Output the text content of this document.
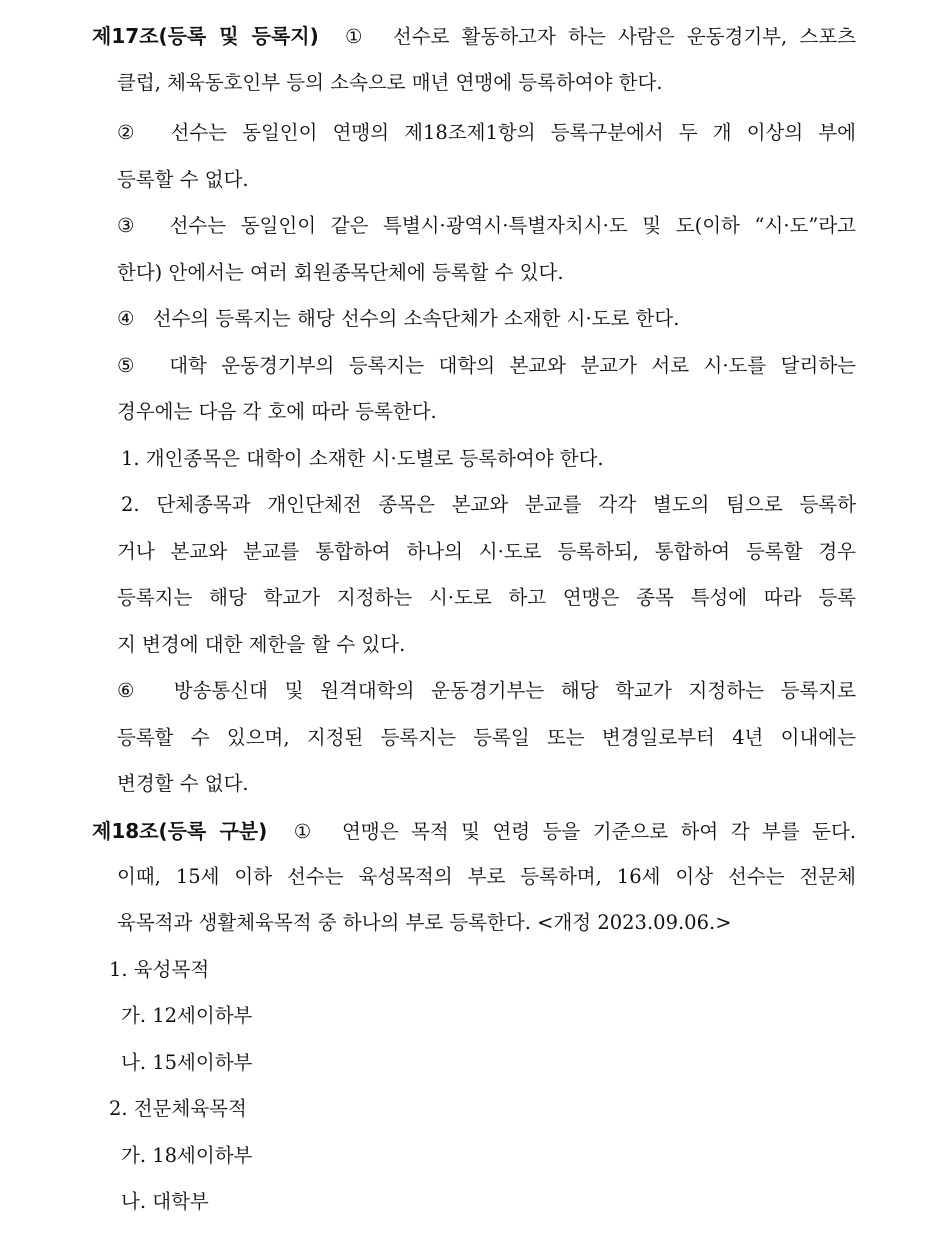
제17조(등록 및 등록지) ① 선수로 활동하고자 하는 사람은 운동경기부, 스포츠
클럽, 체육동호인부 등의 소속으로 매년 연맹에 등록하여야 한다.
② 선수는 동일인이 연맹의 제18조제1항의 등록구분에서 두 개 이상의 부에
등록할 수 없다.
③ 선수는 동일인이 같은 특별시·광역시·특별자치시·도 및 도(이하 “시·도”라고
한다) 안에서는 여러 회원종목단체에 등록할 수 있다.
④ 선수의 등록지는 해당 선수의 소속단체가 소재한 시·도로 한다.
⑤ 대학 운동경기부의 등록지는 대학의 본교와 분교가 서로 시·도를 달리하는
경우에는 다음 각 호에 따라 등록한다.
1. 개인종목은 대학이 소재한 시·도별로 등록하여야 한다.
2. 단체종목과 개인단체전 종목은 본교와 분교를 각각 별도의 팀으로 등록하
거나 본교와 분교를 통합하여 하나의 시·도로 등록하되, 통합하여 등록할 경우
등록지는 해당 학교가 지정하는 시·도로 하고 연맹은 종목 특성에 따라 등록
지 변경에 대한 제한을 할 수 있다.
⑥ 방송통신대 및 원격대학의 운동경기부는 해당 학교가 지정하는 등록지로
등록할 수 있으며, 지정된 등록지는 등록일 또는 변경일로부터 4년 이내에는
변경할 수 없다.
제18조(등록 구분) ① 연맹은 목적 및 연령 등을 기준으로 하여 각 부를 둔다.
이때, 15세 이하 선수는 육성목적의 부로 등록하며, 16세 이상 선수는 전문체
육목적과 생활체육목적 중 하나의 부로 등록한다. <개정 2023.09.06.>
1. 육성목적
가. 12세이하부
나. 15세이하부
2. 전문체육목적
가. 18세이하부
나. 대학부
